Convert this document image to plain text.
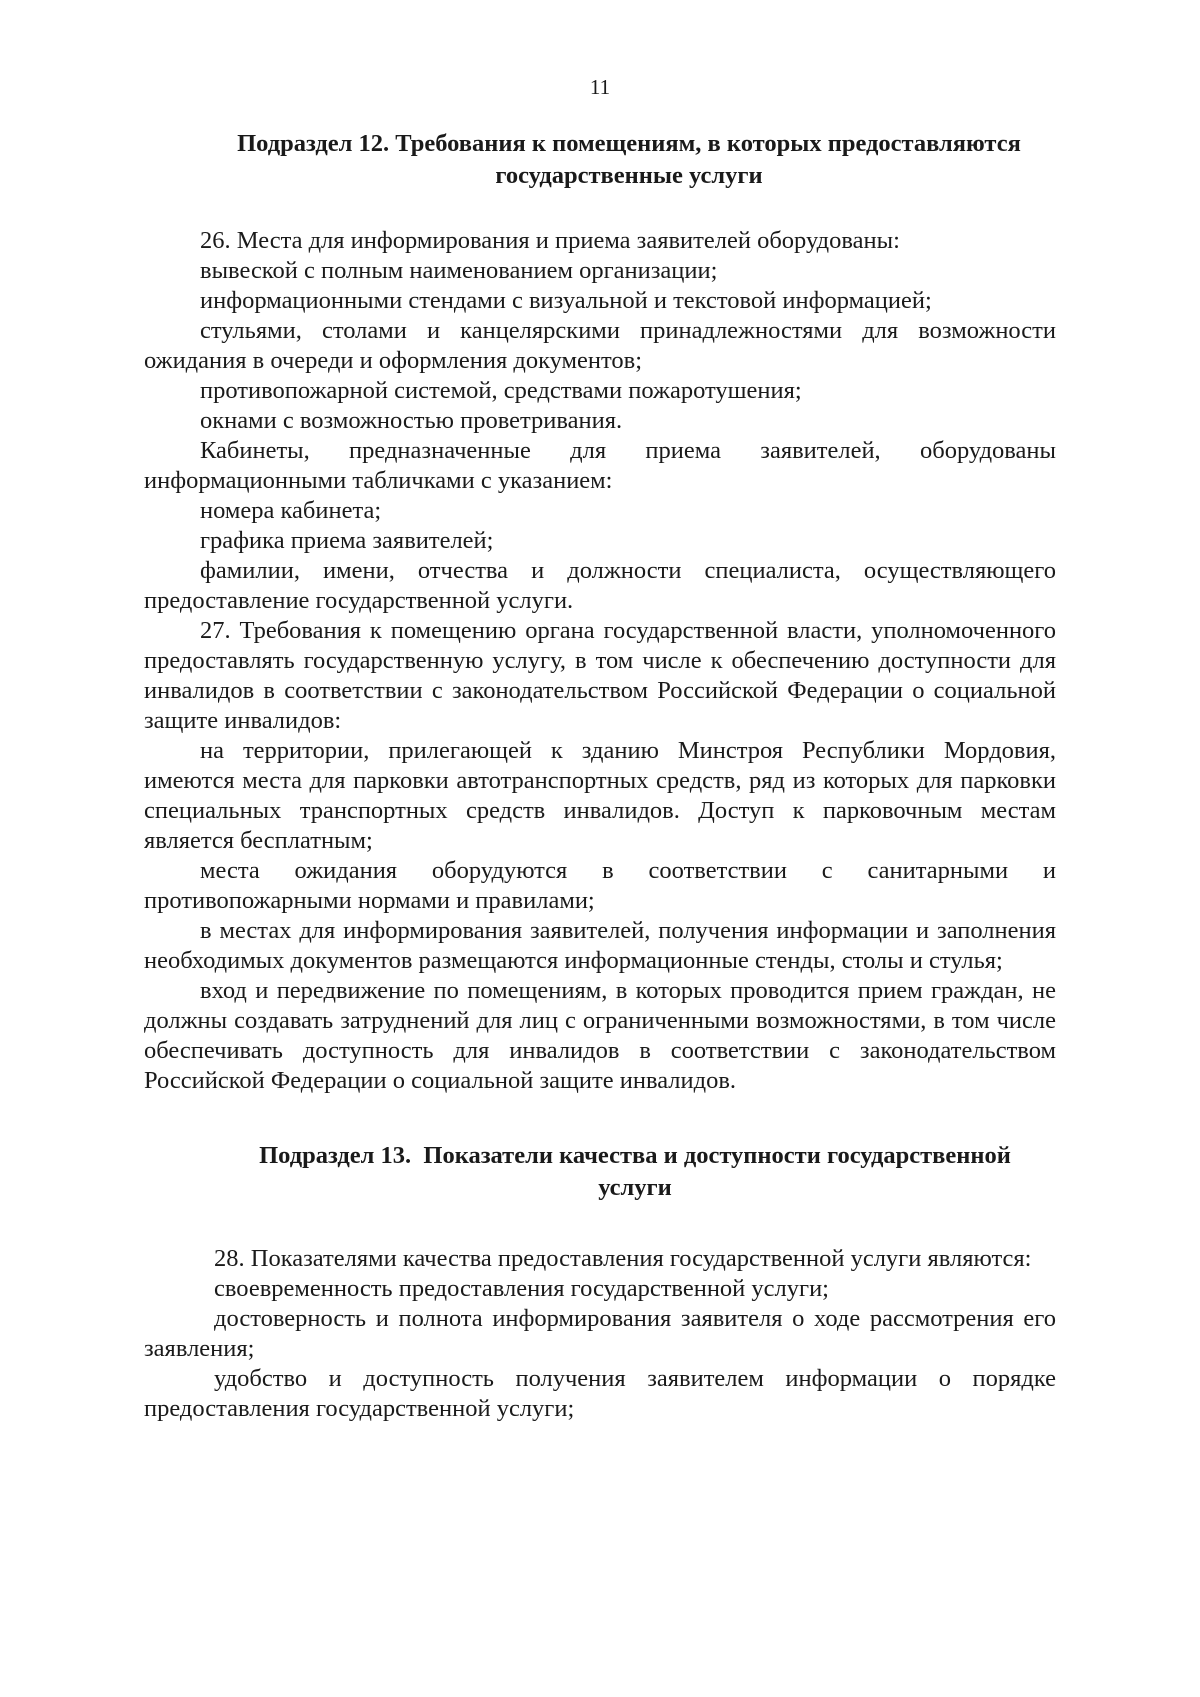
11
Подраздел 12. Требования к помещениям, в которых предоставляются
государственные услуги

26. Места для информирования и приема заявителей оборудованы:

вывеской с полным наименованием организации;

информационными стендами с визуальной и текстовой информацией;

стульями, столами и канцелярскими принадлежностями для возможности ожидания в очереди и оформления документов;

противопожарной системой, средствами пожаротушения;

окнами с возможностью проветривания.

Кабинеты, предназначенные для приема заявителей, оборудованы информационными табличками с указанием:

номера кабинета;

графика приема заявителей;

фамилии, имени, отчества и должности специалиста, осуществляющего предоставление государственной услуги.

27. Требования к помещению органа государственной власти, уполномоченного предоставлять государственную услугу, в том числе к обеспечению доступности для инвалидов в соответствии с законодательством Российской Федерации о социальной защите инвалидов:

на территории, прилегающей к зданию Минстроя Республики Мордовия, имеются места для парковки автотранспортных средств, ряд из которых для парковки специальных транспортных средств инвалидов. Доступ к парковочным местам является бесплатным;

места ожидания оборудуются в соответствии с санитарными и противопожарными нормами и правилами;

в местах для информирования заявителей, получения информации и заполнения необходимых документов размещаются информационные стенды, столы и стулья;

вход и передвижение по помещениям, в которых проводится прием граждан, не должны создавать затруднений для лиц с ограниченными возможностями, в том числе обеспечивать доступность для инвалидов в соответствии с законодательством Российской Федерации о социальной защите инвалидов.

Подраздел 13.  Показатели качества и доступности государственной
услуги

28. Показателями качества предоставления государственной услуги являются:

своевременность предоставления государственной услуги;

достоверность и полнота информирования заявителя о ходе рассмотрения его заявления;

удобство и доступность получения заявителем информации о порядке предоставления государственной услуги;
